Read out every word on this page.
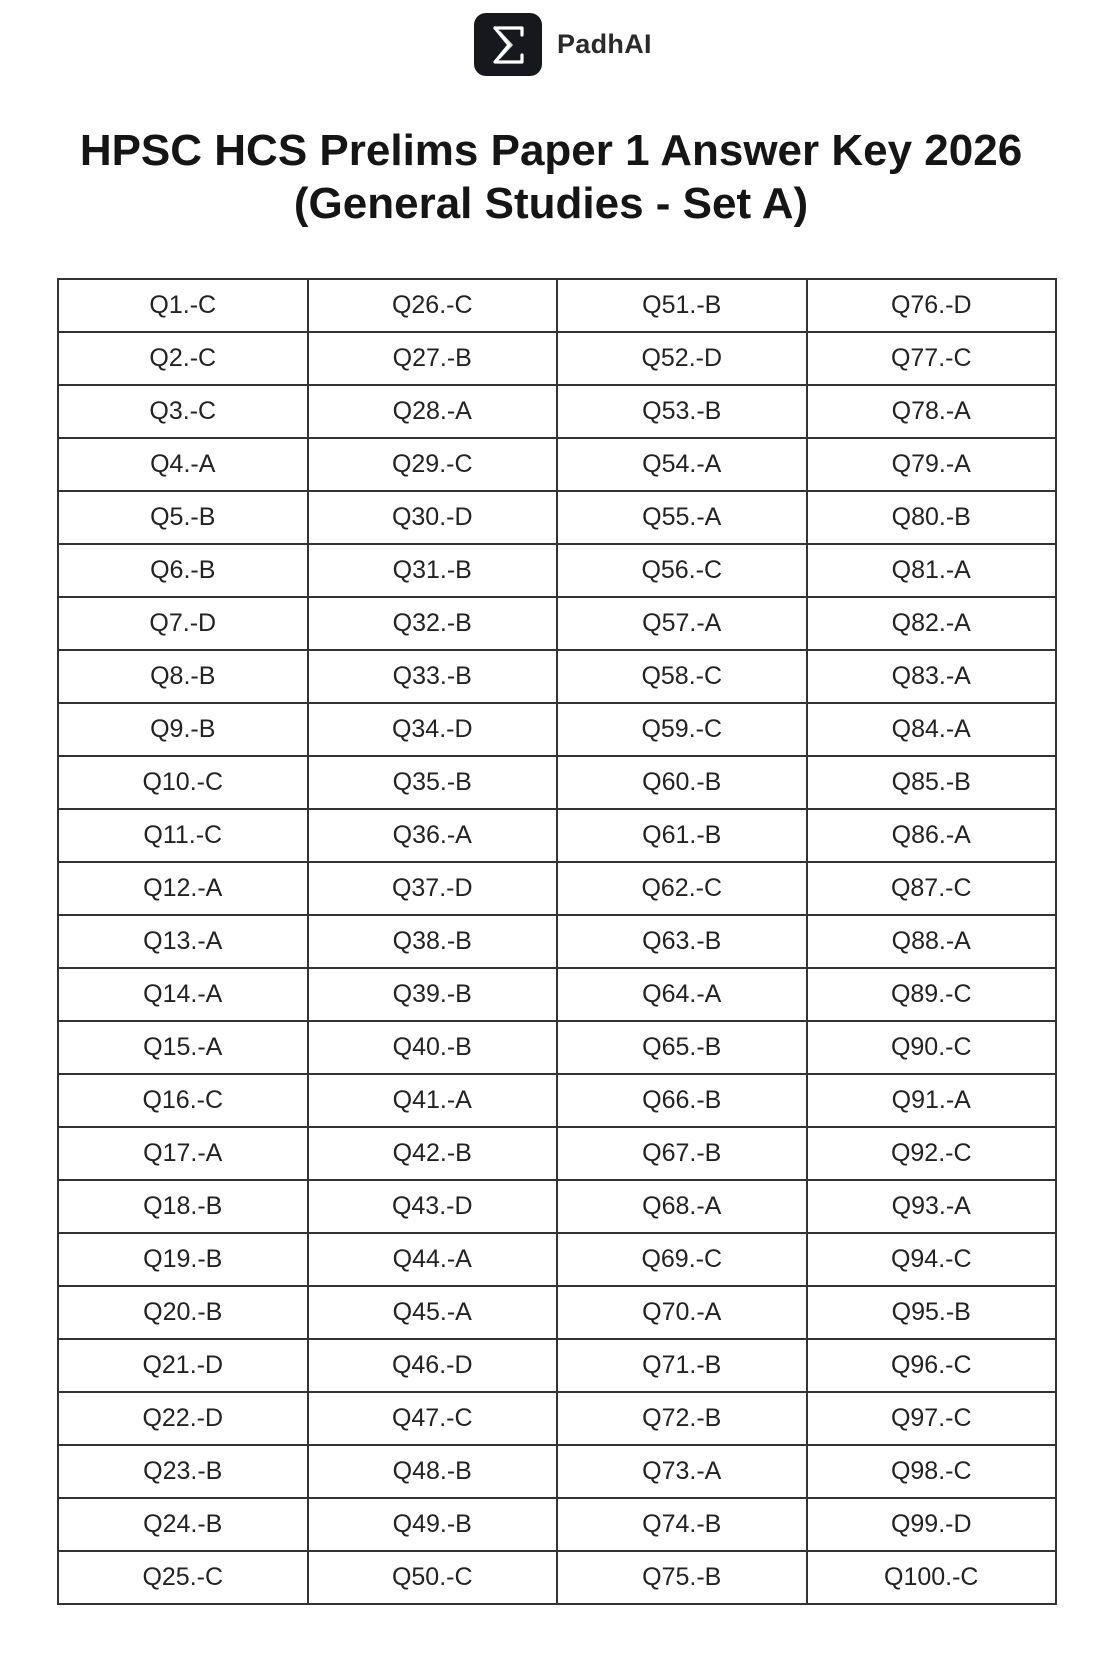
PadhAI
HPSC HCS Prelims Paper 1 Answer Key 2026
(General Studies - Set A)
Q1.-C	Q26.-C	Q51.-B	Q76.-D
Q2.-C	Q27.-B	Q52.-D	Q77.-C
Q3.-C	Q28.-A	Q53.-B	Q78.-A
Q4.-A	Q29.-C	Q54.-A	Q79.-A
Q5.-B	Q30.-D	Q55.-A	Q80.-B
Q6.-B	Q31.-B	Q56.-C	Q81.-A
Q7.-D	Q32.-B	Q57.-A	Q82.-A
Q8.-B	Q33.-B	Q58.-C	Q83.-A
Q9.-B	Q34.-D	Q59.-C	Q84.-A
Q10.-C	Q35.-B	Q60.-B	Q85.-B
Q11.-C	Q36.-A	Q61.-B	Q86.-A
Q12.-A	Q37.-D	Q62.-C	Q87.-C
Q13.-A	Q38.-B	Q63.-B	Q88.-A
Q14.-A	Q39.-B	Q64.-A	Q89.-C
Q15.-A	Q40.-B	Q65.-B	Q90.-C
Q16.-C	Q41.-A	Q66.-B	Q91.-A
Q17.-A	Q42.-B	Q67.-B	Q92.-C
Q18.-B	Q43.-D	Q68.-A	Q93.-A
Q19.-B	Q44.-A	Q69.-C	Q94.-C
Q20.-B	Q45.-A	Q70.-A	Q95.-B
Q21.-D	Q46.-D	Q71.-B	Q96.-C
Q22.-D	Q47.-C	Q72.-B	Q97.-C
Q23.-B	Q48.-B	Q73.-A	Q98.-C
Q24.-B	Q49.-B	Q74.-B	Q99.-D
Q25.-C	Q50.-C	Q75.-B	Q100.-C
